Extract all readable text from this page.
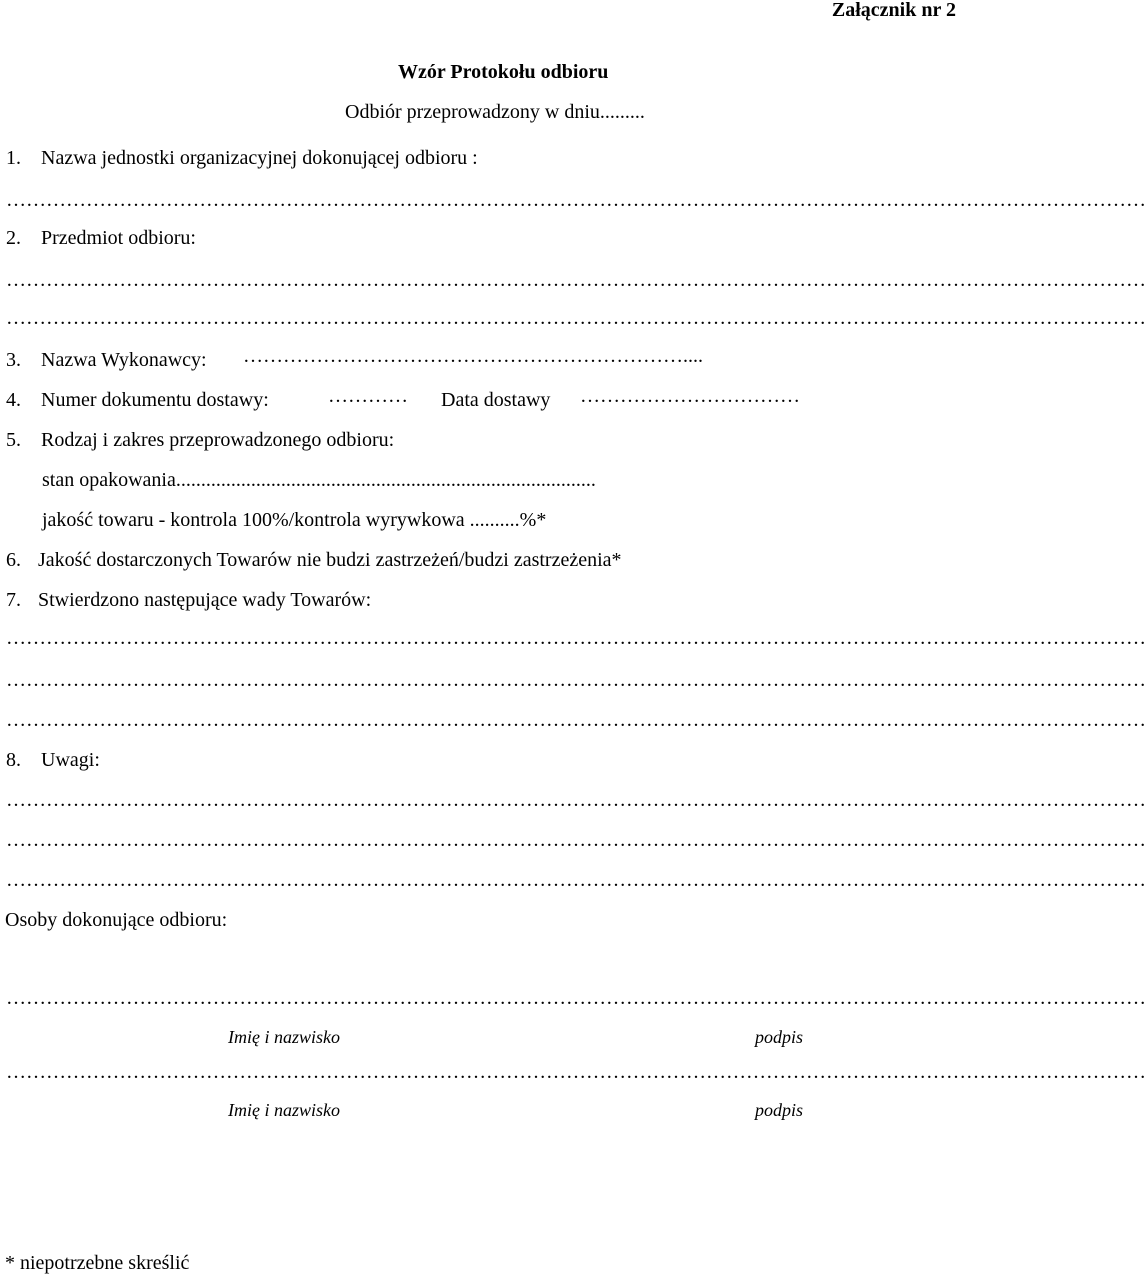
Załącznik nr 2
Wzór Protokołu odbioru
Odbiór przeprowadzony w dniu.........
1. Nazwa jednostki organizacyjnej dokonującej odbioru :
………………………………………………………………………………………………………………………………………………………
2. Przedmiot odbioru:
………………………………………………………………………………………………………………………………………………………
………………………………………………………………………………………………………………………………………………………
3. Nazwa Wykonawcy: …………………………………………………………....
4. Numer dokumentu dostawy:	………… Data dostawy ……………………………
5. Rodzaj i zakres przeprowadzonego odbioru:
stan opakowania....................................................................................
jakość towaru - kontrola 100%/kontrola wyrywkowa ..........%*
6. Jakość dostarczonych Towarów nie budzi zastrzeżeń/budzi zastrzeżenia*
7. Stwierdzono następujące wady Towarów:
………………………………………………………………………………………………………………………………………………………
………………………………………………………………………………………………………………………………………………………
………………………………………………………………………………………………………………………………………………………
8. Uwagi:
………………………………………………………………………………………………………………………………………………………
………………………………………………………………………………………………………………………………………………………
………………………………………………………………………………………………………………………………………………………
Osoby dokonujące odbioru:
………………………………………………………………………………………………………………………………………………………
Imię i nazwisko	podpis
………………………………………………………………………………………………………………………………………………………
Imię i nazwisko	podpis
* niepotrzebne skreślić
